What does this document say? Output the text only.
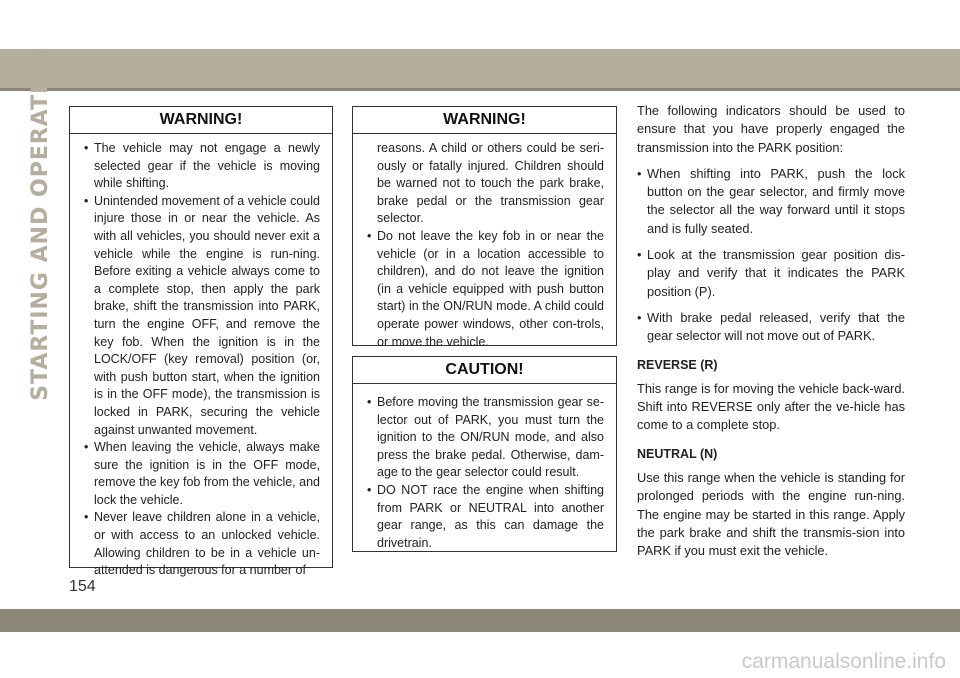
STARTING AND OPERATING	WARNING!
• The vehicle may not engage a newly selected gear if the vehicle is moving while shifting.
• Unintended movement of a vehicle could injure those in or near the vehicle. As with all vehicles, you should never exit a vehicle while the engine is run-ning. Before exiting a vehicle always come to a complete stop, then apply the park brake, shift the transmission into PARK, turn the engine OFF, and remove the key fob. When the ignition is in the LOCK/OFF (key removal) position (or, with push button start, when the ignition is in the OFF mode), the transmission is locked in PARK, securing the vehicle against unwanted movement.
• When leaving the vehicle, always make sure the ignition is in the OFF mode, remove the key fob from the vehicle, and lock the vehicle.
• Never leave children alone in a vehicle, or with access to an unlocked vehicle. Allowing children to be in a vehicle un-attended is dangerous for a number of
WARNING!

reasons. A child or others could be seri-ously or fatally injured. Children should be warned not to touch the park brake, brake pedal or the transmission gear selector.

• Do not leave the key fob in or near the vehicle (or in a location accessible to children), and do not leave the ignition (in a vehicle equipped with push button start) in the ON/RUN mode. A child could operate power windows, other con-trols, or move the vehicle.
CAUTION!
• Before moving the transmission gear se-lector out of PARK, you must turn the ignition to the ON/RUN mode, and also press the brake pedal. Otherwise, dam-age to the gear selector could result.
• DO NOT race the engine when shifting from PARK or NEUTRAL into another gear range, as this can damage the drivetrain.

The following indicators should be used to ensure that you have properly engaged the transmission into the PARK position:

• When shifting into PARK, push the lock button on the gear selector, and firmly move the selector all the way forward until it stops and is fully seated.
• Look at the transmission gear position dis-play and verify that it indicates the PARK position (P).
• With brake pedal released, verify that the gear selector will not move out of PARK.
REVERSE (R)

This range is for moving the vehicle back-ward. Shift into REVERSE only after the ve-hicle has come to a complete stop.

NEUTRAL (N)

Use this range when the vehicle is standing for prolonged periods with the engine run-ning. The engine may be started in this range. Apply the park brake and shift the transmis-sion into PARK if you must exit the vehicle.

154
carmanualsonline.info
